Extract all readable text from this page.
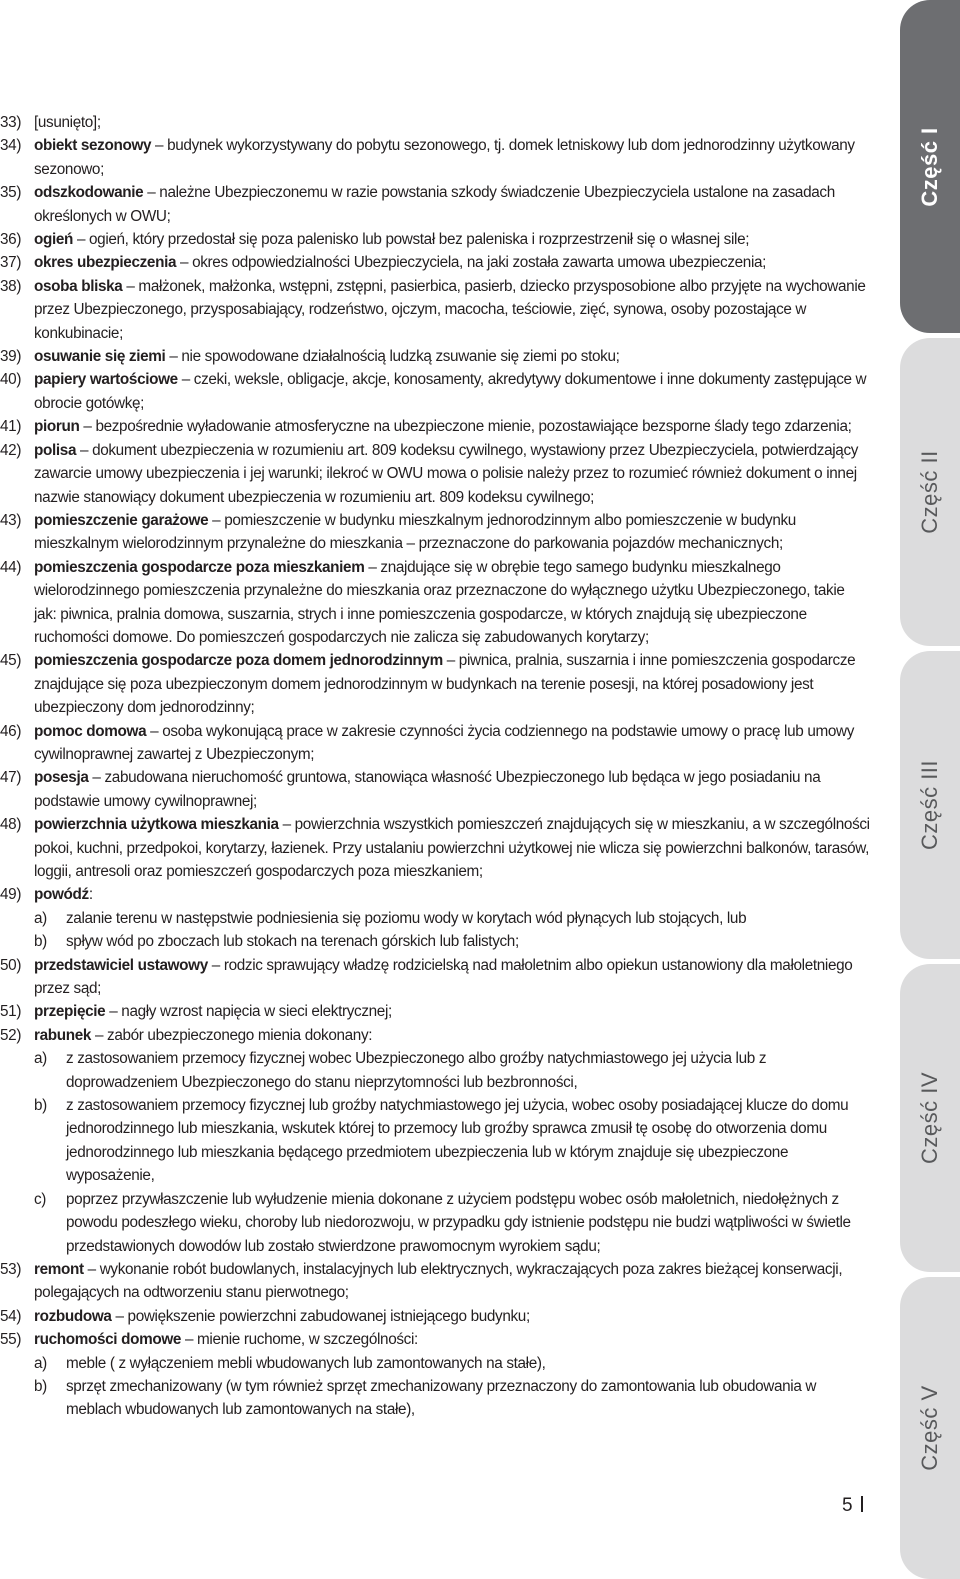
33) [usunięto];
34) obiekt sezonowy – budynek wykorzystywany do pobytu sezonowego, tj. domek letniskowy lub dom jednorodzinny użytkowany sezonowo;
35) odszkodowanie – należne Ubezpieczonemu w razie powstania szkody świadczenie Ubezpieczyciela ustalone na zasadach określonych w OWU;
36) ogień – ogień, który przedostał się poza palenisko lub powstał bez paleniska i rozprzestrzenił się o własnej sile;
37) okres ubezpieczenia – okres odpowiedzialności Ubezpieczyciela, na jaki została zawarta umowa ubezpieczenia;
38) osoba bliska – małżonek, małżonka, wstępni, zstępni, pasierbica, pasierb, dziecko przysposobione albo przyjęte na wychowanie przez Ubezpieczonego, przysposabiający, rodzeństwo, ojczym, macocha, teściowie, zięć, synowa, osoby pozostające w konkubinacie;
39) osuwanie się ziemi – nie spowodowane działalnością ludzką zsuwanie się ziemi po stoku;
40) papiery wartościowe – czeki, weksle, obligacje, akcje, konosamenty, akredytywy dokumentowe i inne dokumenty zastępujące w obrocie gotówkę;
41) piorun – bezpośrednie wyładowanie atmosferyczne na ubezpieczone mienie, pozostawiające bezsporne ślady tego zdarzenia;
42) polisa – dokument ubezpieczenia w rozumieniu art. 809 kodeksu cywilnego, wystawiony przez Ubezpieczyciela, potwierdzający zawarcie umowy ubezpieczenia i jej warunki; ilekroć w OWU mowa o polisie należy przez to rozumieć również dokument o innej nazwie stanowiący dokument ubezpieczenia w rozumieniu art. 809 kodeksu cywilnego;
43) pomieszczenie garażowe – pomieszczenie w budynku mieszkalnym jednorodzinnym albo pomieszczenie w budynku mieszkalnym wielorodzinnym przynależne do mieszkania – przeznaczone do parkowania pojazdów mechanicznych;
44) pomieszczenia gospodarcze poza mieszkaniem – znajdujące się w obrębie tego samego budynku mieszkalnego wielorodzinnego pomieszczenia przynależne do mieszkania oraz przeznaczone do wyłącznego użytku Ubezpieczonego, takie jak: piwnica, pralnia domowa, suszarnia, strych i inne pomieszczenia gospodarcze, w których znajdują się ubezpieczone ruchomości domowe. Do pomieszczeń gospodarczych nie zalicza się zabudowanych korytarzy;
45) pomieszczenia gospodarcze poza domem jednorodzinnym – piwnica, pralnia, suszarnia i inne pomieszczenia gospodarcze znajdujące się poza ubezpieczonym domem jednorodzinnym w budynkach na terenie posesji, na której posadowiony jest ubezpieczony dom jednorodzinny;
46) pomoc domowa – osoba wykonującą prace w zakresie czynności życia codziennego na podstawie umowy o pracę lub umowy cywilnoprawnej zawartej z Ubezpieczonym;
47) posesja – zabudowana nieruchomość gruntowa, stanowiąca własność Ubezpieczonego lub będąca w jego posiadaniu na podstawie umowy cywilnoprawnej;
48) powierzchnia użytkowa mieszkania – powierzchnia wszystkich pomieszczeń znajdujących się w mieszkaniu, a w szczególności pokoi, kuchni, przedpokoi, korytarzy, łazienek. Przy ustalaniu powierzchni użytkowej nie wlicza się powierzchni balkonów, tarasów, loggii, antresoli oraz pomieszczeń gospodarczych poza mieszkaniem;
49) powódź:
a) zalanie terenu w następstwie podniesienia się poziomu wody w korytach wód płynących lub stojących, lub
b) spływ wód po zboczach lub stokach na terenach górskich lub falistych;
50) przedstawiciel ustawowy – rodzic sprawujący władzę rodzicielską nad małoletnim albo opiekun ustanowiony dla małoletniego przez sąd;
51) przepięcie – nagły wzrost napięcia w sieci elektrycznej;
52) rabunek – zabór ubezpieczonego mienia dokonany:
a) z zastosowaniem przemocy fizycznej wobec Ubezpieczonego albo groźby natychmiastowego jej użycia lub z doprowadzeniem Ubezpieczonego do stanu nieprzytomności lub bezbronności,
b) z zastosowaniem przemocy fizycznej lub groźby natychmiastowego jej użycia, wobec osoby posiadającej klucze do domu jednorodzinnego lub mieszkania, wskutek której to przemocy lub groźby sprawca zmusił tę osobę do otworzenia domu jednorodzinnego lub mieszkania będącego przedmiotem ubezpieczenia lub w którym znajduje się ubezpieczone wyposażenie,
c) poprzez przywłaszczenie lub wyłudzenie mienia dokonane z użyciem podstępu wobec osób małoletnich, niedołężnych z powodu podeszłego wieku, choroby lub niedorozwoju, w przypadku gdy istnienie podstępu nie budzi wątpliwości w świetle przedstawionych dowodów lub zostało stwierdzone prawomocnym wyrokiem sądu;
53) remont – wykonanie robót budowlanych, instalacyjnych lub elektrycznych, wykraczających poza zakres bieżącej konserwacji, polegających na odtworzeniu stanu pierwotnego;
54) rozbudowa – powiększenie powierzchni zabudowanej istniejącego budynku;
55) ruchomości domowe – mienie ruchome, w szczególności:
a) meble ( z wyłączeniem mebli wbudowanych lub zamontowanych na stałe),
b) sprzęt zmechanizowany (w tym również sprzęt zmechanizowany przeznaczony do zamontowania lub obudowania w meblach wbudowanych lub zamontowanych na stałe),
Część I
Część II
Część III
Część IV
Część V
5
